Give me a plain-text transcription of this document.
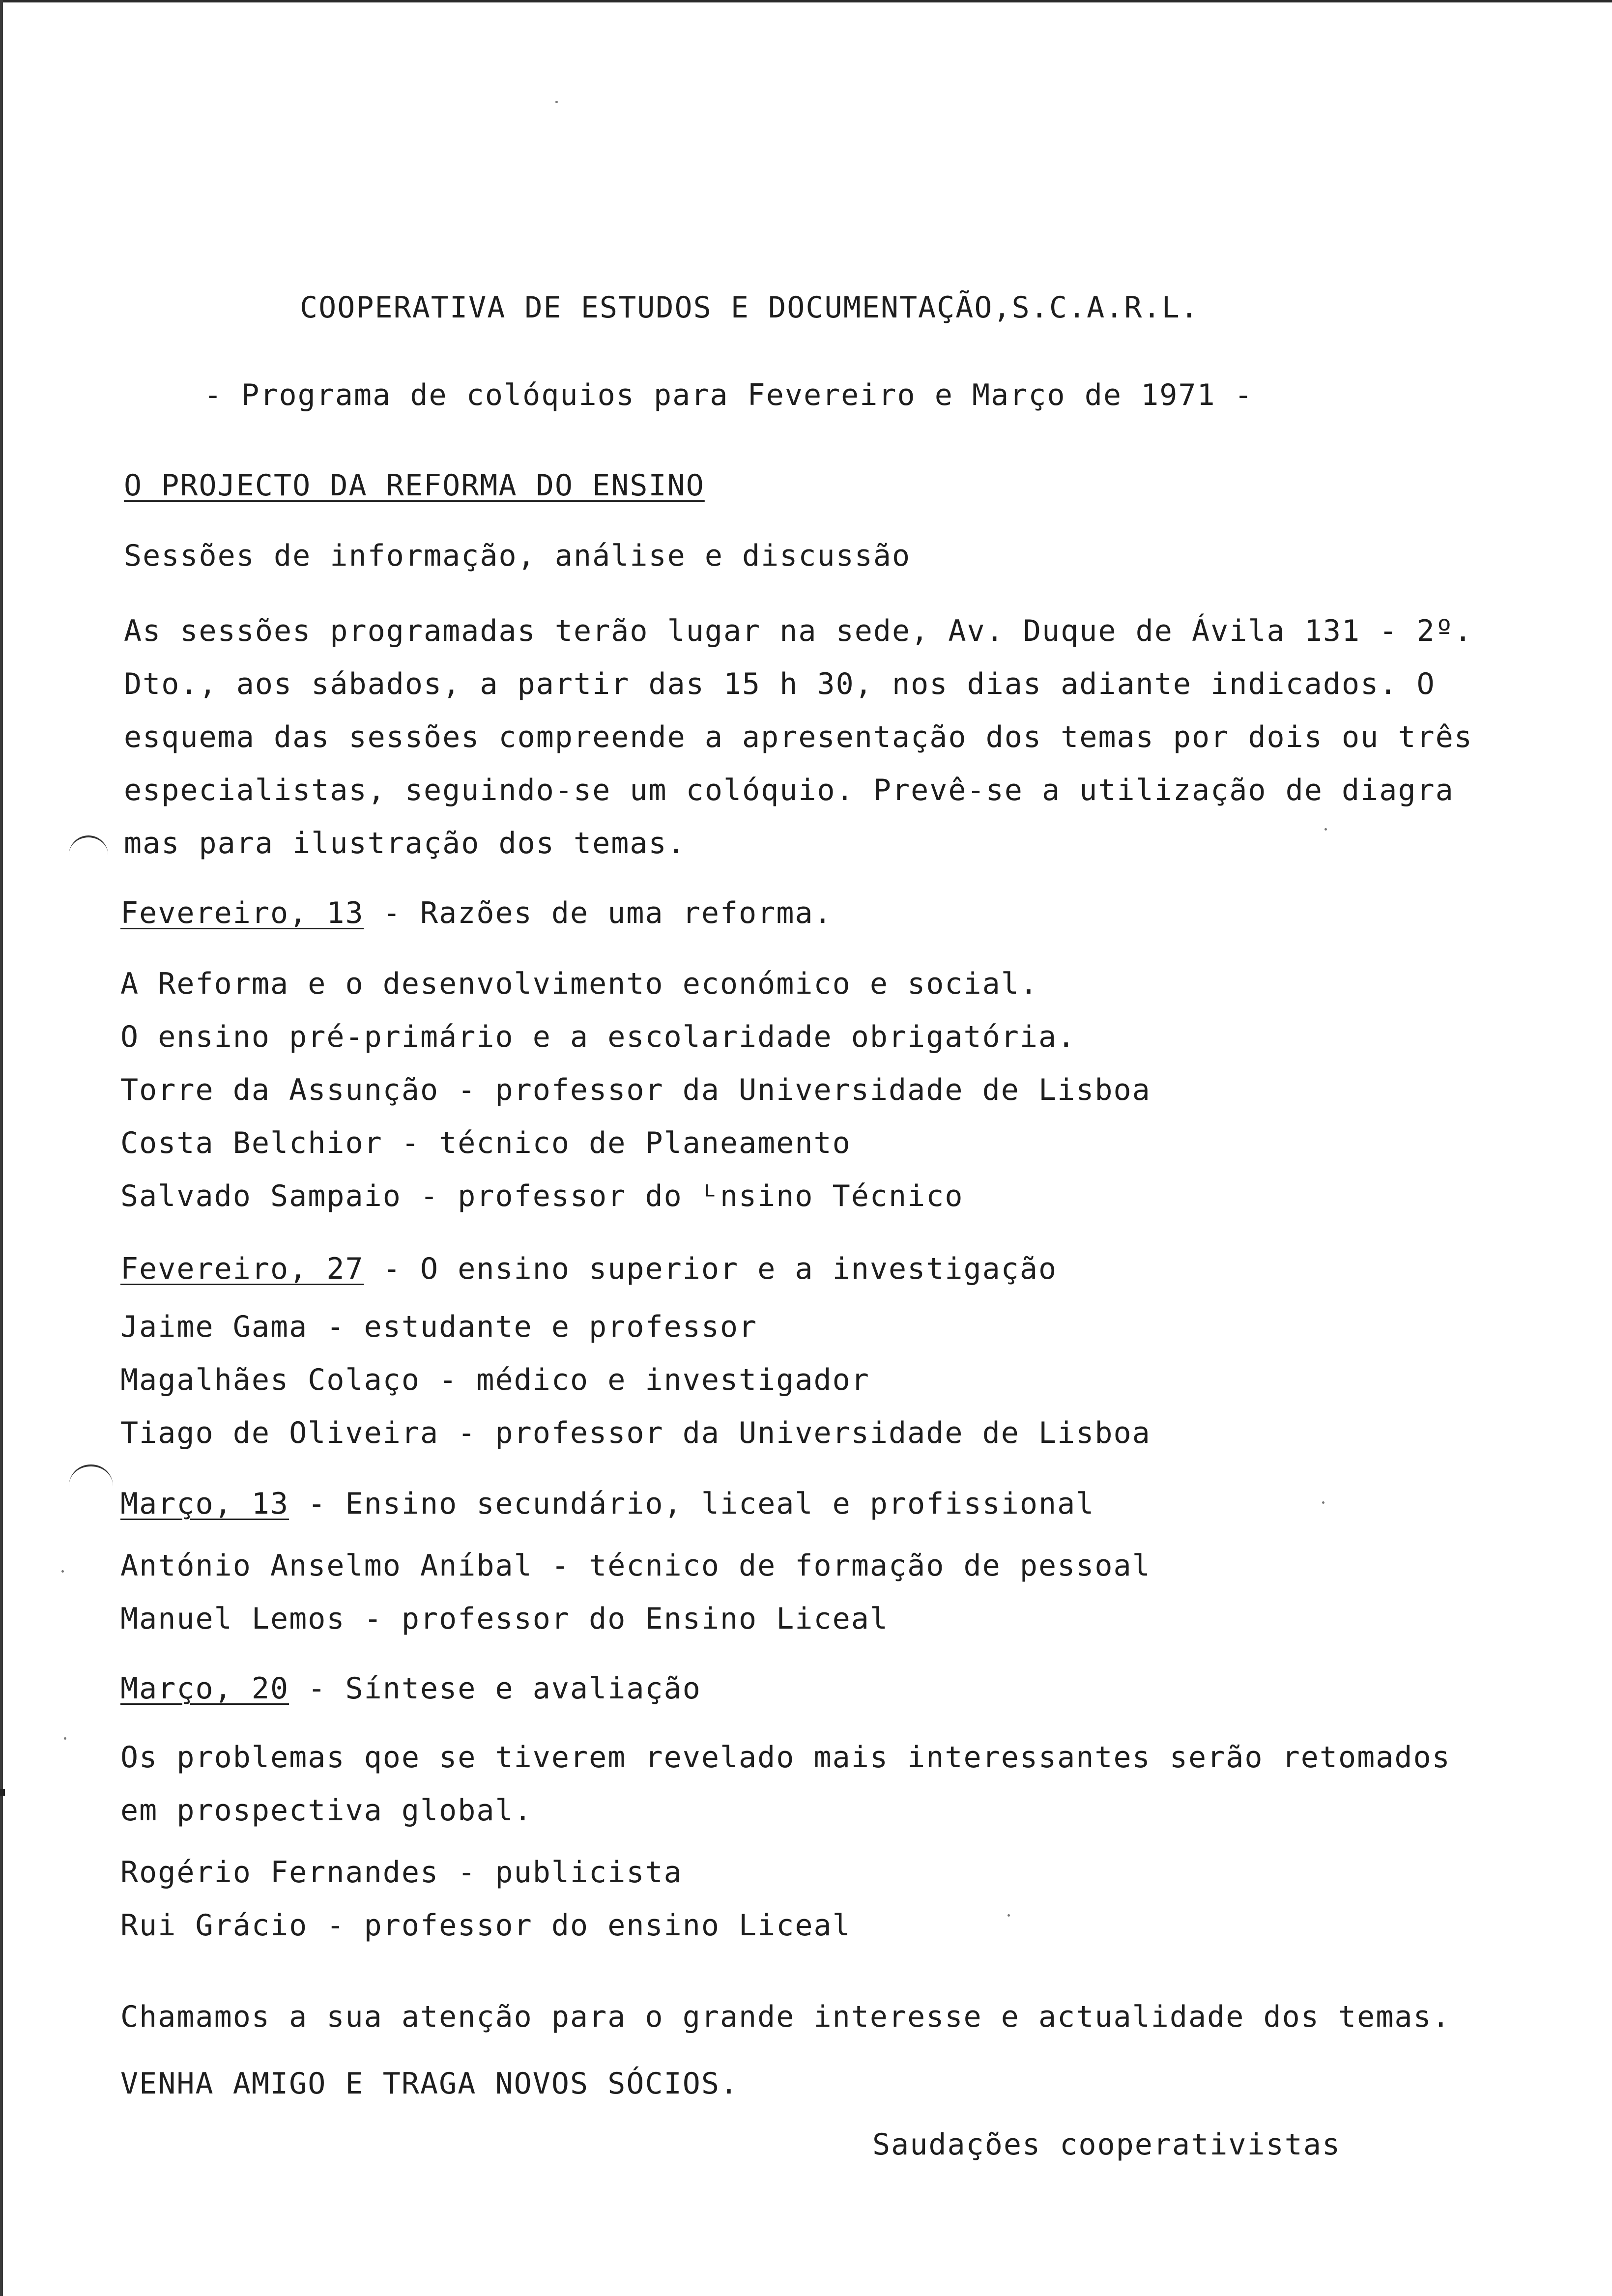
COOPERATIVA DE ESTUDOS E DOCUMENTAÇÃO,S.C.A.R.L.
- Programa de colóquios para Fevereiro e Março de 1971 -
O PROJECTO DA REFORMA DO ENSINO
Sessões de informação, análise e discussão
As sessões programadas terão lugar na sede, Av. Duque de Ávila 131 - 2º.
Dto., aos sábados, a partir das 15 h 30, nos dias adiante indicados. O
esquema das sessões compreende a apresentação dos temas por dois ou três
especialistas, seguindo-se um colóquio. Prevê-se a utilização de diagra
mas para ilustração dos temas.
Fevereiro, 13 - Razões de uma reforma.
A Reforma e o desenvolvimento económico e social.
O ensino pré-primário e a escolaridade obrigatória.
Torre da Assunção - professor da Universidade de Lisboa
Costa Belchior - técnico de Planeamento
Salvado Sampaio - professor do ᴸnsino Técnico
Fevereiro, 27 - O ensino superior e a investigação
Jaime Gama - estudante e professor
Magalhães Colaço - médico e investigador
Tiago de Oliveira - professor da Universidade de Lisboa
Março, 13 - Ensino secundário, liceal e profissional
António Anselmo Aníbal - técnico de formação de pessoal
Manuel Lemos - professor do Ensino Liceal
Março, 20 - Síntese e avaliação
Os problemas qoe se tiverem revelado mais interessantes serão retomados
em prospectiva global.
Rogério Fernandes - publicista
Rui Grácio - professor do ensino Liceal
Chamamos a sua atenção para o grande interesse e actualidade dos temas.
VENHA AMIGO E TRAGA NOVOS SÓCIOS.
Saudações cooperativistas
